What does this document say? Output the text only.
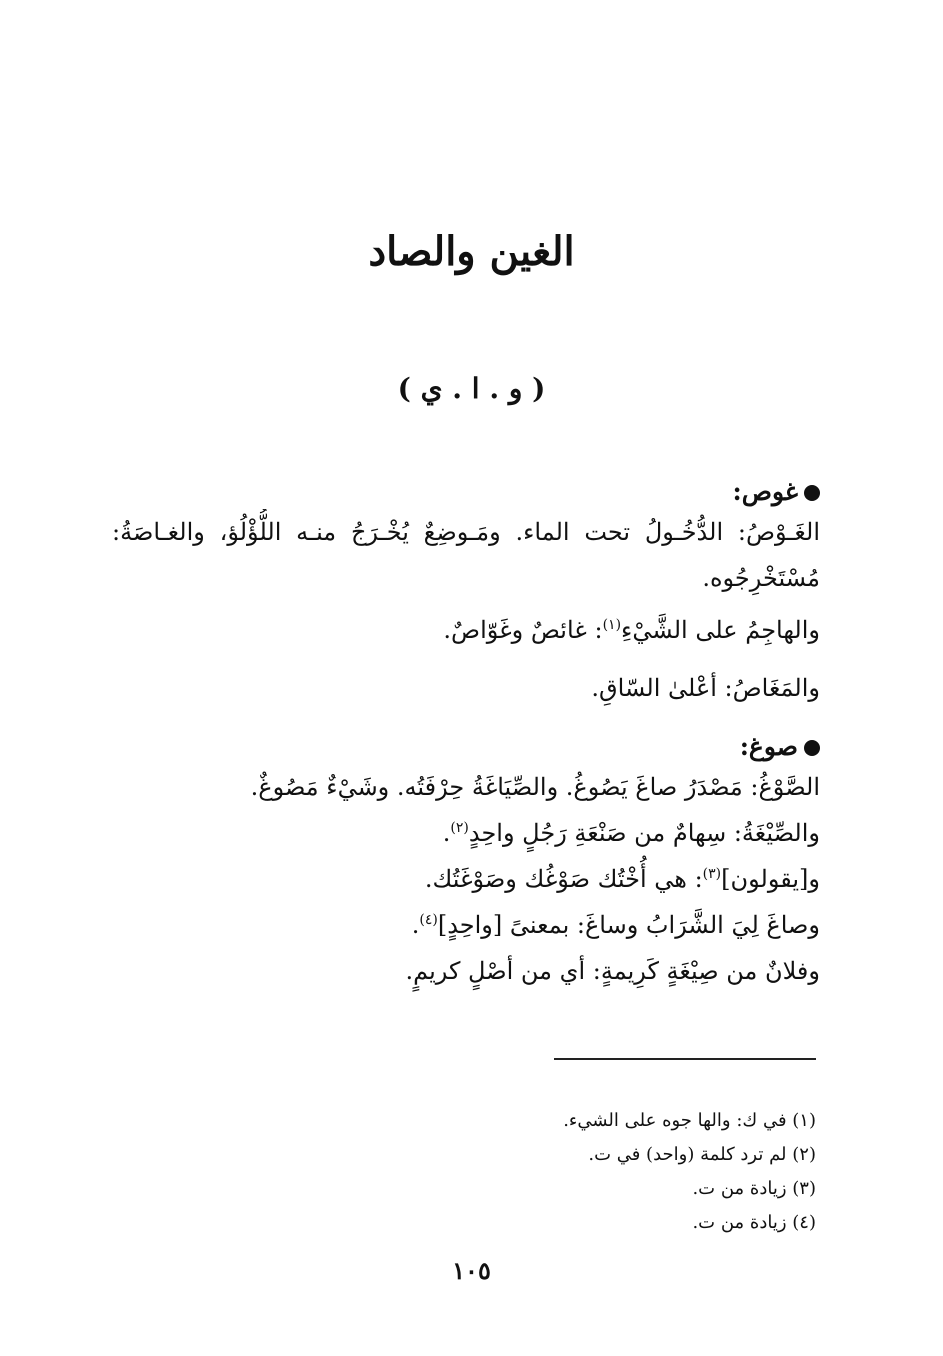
الغين والصاد
( و . ا . ي )
غوص:
الغَـوْصُ: الدُّخُـولُ تحت الماء. ومَـوضِعٌ يُخْـرَجُ منـه اللُّؤْلُؤ، والغـاصَةُ:
مُسْتَخْرِجُوه.
والهاجِمُ على الشَّيْءِ$^{(١)}$: غائصٌ وغَوّاصٌ.
والمَغَاصُ: أعْلىٰ السّاقِ.
صوغ:
الصَّوْغُ: مَصْدَرُ صاغَ يَصُوغُ. والصِّيَاغَةُ حِرْفَتُه. وشَيْءٌ مَصُوغٌ.
والصِّيْغَةُ: سِهامٌ من صَنْعَةِ رَجُلٍ واحِدٍ$^{(٢)}$.
و[يقولون]$^{(٣)}$: هي أُخْتُك صَوْغُك وصَوْغَتُك.
وصاغَ لِيَ الشَّرَابُ وساغَ: بمعنىً [واحِدٍ]$^{(٤)}$.
وفلانٌ من صِيْغَةٍ كَرِيمةٍ: أي من أصْلٍ كريمٍ.
(١) في ك: والها جوه على الشيء.
(٢) لم ترد كلمة (واحد) في ت.
(٣) زيادة من ت.
(٤) زيادة من ت.
١٠٥
